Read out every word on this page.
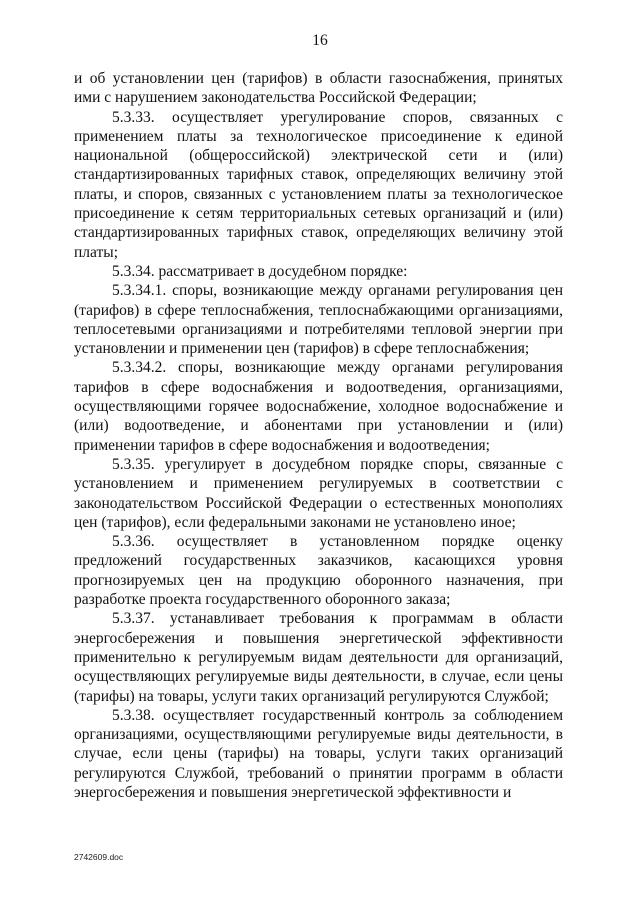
16

и об установлении цен (тарифов) в области газоснабжения, принятых ими с нарушением законодательства Российской Федерации;

5.3.33. осуществляет урегулирование споров, связанных с применением платы за технологическое присоединение к единой национальной (общероссийской) электрической сети и (или) стандартизированных тарифных ставок, определяющих величину этой платы, и споров, связанных с установлением платы за технологическое присоединение к сетям территориальных сетевых организаций и (или) стандартизированных тарифных ставок, определяющих величину этой платы;

5.3.34. рассматривает в досудебном порядке:

5.3.34.1. споры, возникающие между органами регулирования цен (тарифов) в сфере теплоснабжения, теплоснабжающими организациями, теплосетевыми организациями и потребителями тепловой энергии при установлении и применении цен (тарифов) в сфере теплоснабжения;

5.3.34.2. споры, возникающие между органами регулирования тарифов в сфере водоснабжения и водоотведения, организациями, осуществляющими горячее водоснабжение, холодное водоснабжение и (или) водоотведение, и абонентами при установлении и (или) применении тарифов в сфере водоснабжения и водоотведения;

5.3.35. урегулирует в досудебном порядке споры, связанные с установлением и применением регулируемых в соответствии с законодательством Российской Федерации о естественных монополиях цен (тарифов), если федеральными законами не установлено иное;

5.3.36. осуществляет в установленном порядке оценку предложений государственных заказчиков, касающихся уровня прогнозируемых цен на продукцию оборонного назначения, при разработке проекта государственного оборонного заказа;

5.3.37. устанавливает требования к программам в области энергосбережения и повышения энергетической эффективности применительно к регулируемым видам деятельности для организаций, осуществляющих регулируемые виды деятельности, в случае, если цены (тарифы) на товары, услуги таких организаций регулируются Службой;

5.3.38. осуществляет государственный контроль за соблюдением организациями, осуществляющими регулируемые виды деятельности, в случае, если цены (тарифы) на товары, услуги таких организаций регулируются Службой, требований о принятии программ в области энергосбережения и повышения энергетической эффективности и

2742609.doc
